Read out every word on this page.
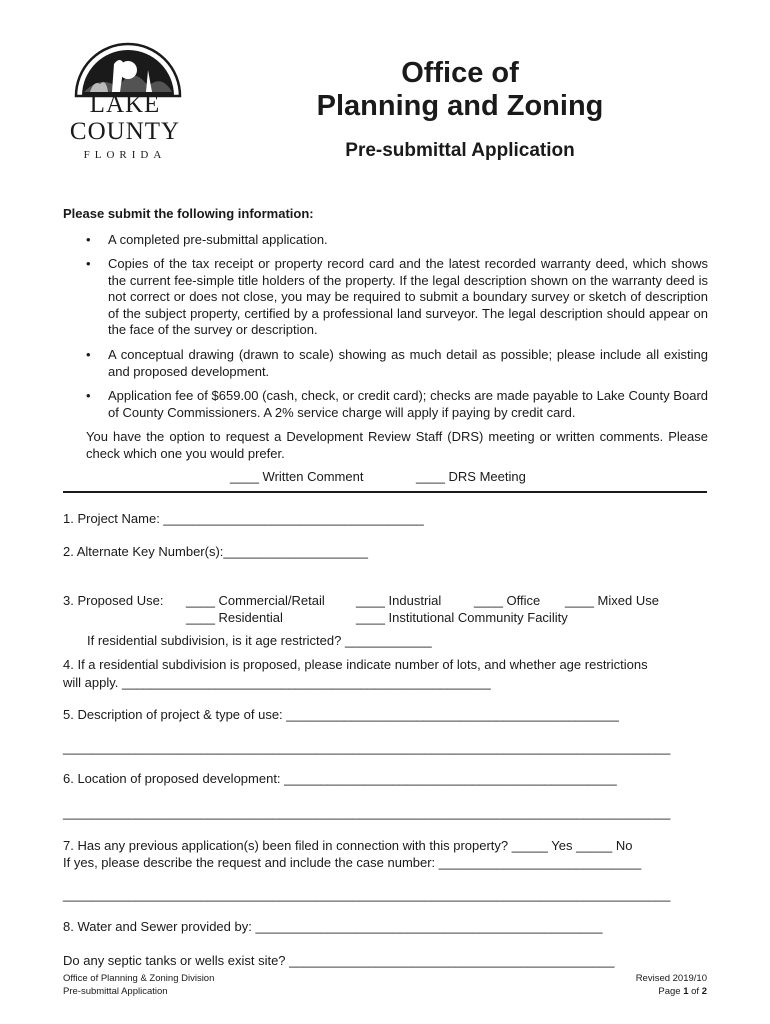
LAKE
COUNTY
FLORIDA
Office of
Planning and Zoning
Pre-submittal Application
Please submit the following information:
• A completed pre-submittal application.
• Copies of the tax receipt or property record card and the latest recorded warranty deed, which shows the current fee-simple title holders of the property. If the legal description shown on the warranty deed is not correct or does not close, you may be required to submit a boundary survey or sketch of description of the subject property, certified by a professional land surveyor. The legal description should appear on the face of the survey or description.
• A conceptual drawing (drawn to scale) showing as much detail as possible; please include all existing and proposed development.
• Application fee of $659.00 (cash, check, or credit card); checks are made payable to Lake County Board of County Commissioners. A 2% service charge will apply if paying by credit card.
You have the option to request a Development Review Staff (DRS) meeting or written comments. Please check which one you would prefer.
____ Written Comment	____ DRS Meeting
1. Project Name: ____________________________________
2. Alternate Key Number(s):____________________
3. Proposed Use: ____ Commercial/Retail ____ Industrial	____ Office ____ Mixed Use
____ Residential	____ Institutional Community Facility
If residential subdivision, is it age restricted? ____________
4. If a residential subdivision is proposed, please indicate number of lots, and whether age restrictions
will apply. ___________________________________________________
5. Description of project & type of use: ______________________________________________
____________________________________________________________________________________
6. Location of proposed development: ______________________________________________
____________________________________________________________________________________
7. Has any previous application(s) been filed in connection with this property? _____ Yes _____ No
If yes, please describe the request and include the case number: ____________________________
____________________________________________________________________________________
8. Water and Sewer provided by: ________________________________________________
Do any septic tanks or wells exist site? _____________________________________________
Office of Planning & Zoning Division
Pre-submittal Application
Revised 2019/10
Page 1 of 2
